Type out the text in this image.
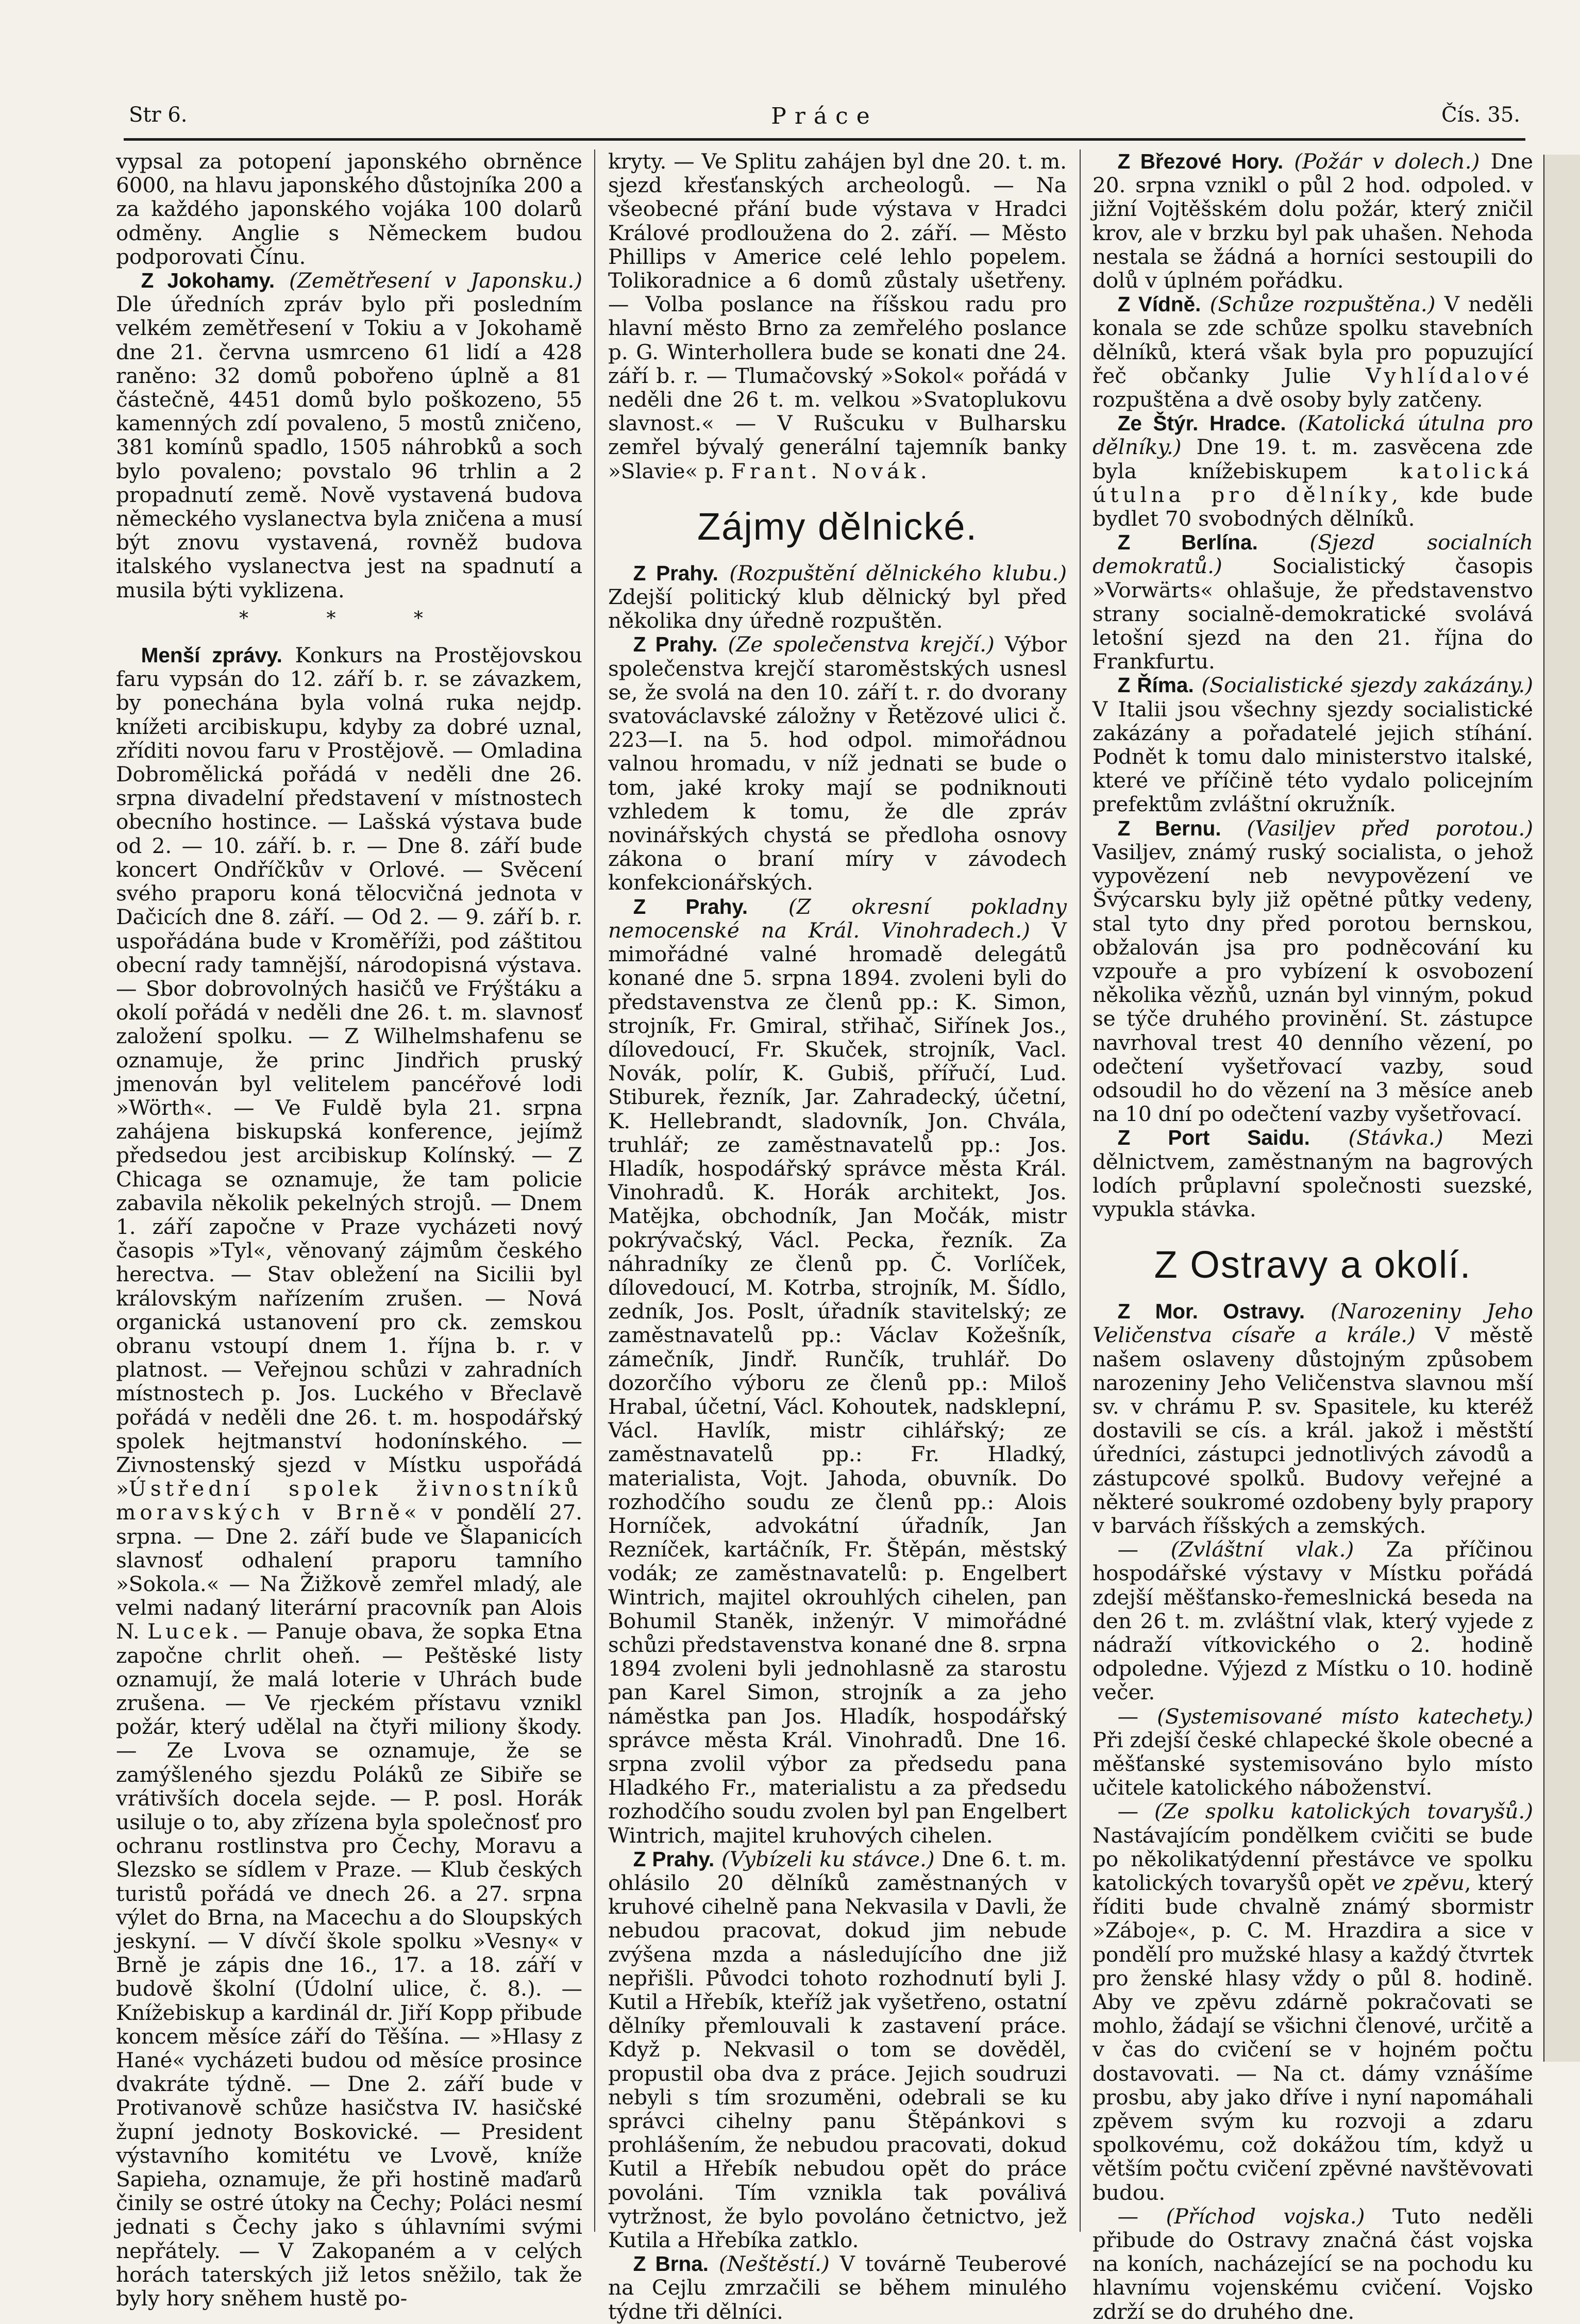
Str 6.	Práce	Čís. 35.

vypsal za potopení japonského obrněnce 6000, na hlavu japonského důstojníka 200 a za každého japonského vojáka 100 dolarů odměny. Anglie s Německem budou podporovati Čínu.

Z Jokohamy. (Zemětřesení v Japonsku.) Dle úředních zpráv bylo při posledním velkém zemětřesení v Tokiu a v Jokohamě dne 21. června usmrceno 61 lidí a 428 raněno: 32 domů pobořeno úplně a 81 částečně, 4451 domů bylo poškozeno, 55 kamenných zdí povaleno, 5 mostů zničeno, 381 komínů spadlo, 1505 náhrobků a soch bylo povaleno; povstalo 96 trhlin a 2 propadnutí země. Nově vystavená budova německého vyslanectva byla zničena a musí být znovu vystavená, rovněž budova italského vyslanectva jest na spadnutí a musila býti vyklizena.

* * *

Menší zprávy. Konkurs na Prostějovskou faru vypsán do 12. září b. r. se závazkem, by ponechána byla volná ruka nejdp. knížeti arcibiskupu, kdyby za dobré uznal, zříditi novou faru v Prostějově. — Omladina Dobromělická pořádá v neděli dne 26. srpna divadelní představení v místnostech obecního hostince. — Lašská výstava bude od 2. — 10. září. b. r. — Dne 8. září bude koncert Ondříčkův v Orlové. — Svěcení svého praporu koná tělocvičná jednota v Dačicích dne 8. září. — Od 2. — 9. září b. r. uspořádána bude v Kroměříži, pod záštitou obecní rady tamnější, národopisná výstava. — Sbor dobrovolných hasičů ve Frýštáku a okolí pořádá v neděli dne 26. t. m. slavnosť založení spolku. — Z Wilhelmshafenu se oznamuje, že princ Jindřich pruský jmenován byl velitelem pancéřové lodi »Wörth«. — Ve Fuldě byla 21. srpna zahájena biskupská konference, jejímž předsedou jest arcibiskup Kolínský. — Z Chicaga se oznamuje, že tam policie zabavila několik pekelných strojů. — Dnem 1. září započne v Praze vycházeti nový časopis »Tyl«, věnovaný zájmům českého herectva. — Stav obležení na Sicilii byl královským nařízením zrušen. — Nová organická ustanovení pro ck. zemskou obranu vstoupí dnem 1. října b. r. v platnost. — Veřejnou schůzi v zahradních místnostech p. Jos. Luckého v Břeclavě pořádá v neděli dne 26. t. m. hospodářský spolek hejtmanství hodonínského. — Zivnostenský sjezd v Místku uspořádá »Ústřední spolek živnostníků moravských v Brně« v pondělí 27. srpna. — Dne 2. září bude ve Šlapanicích slavnosť odhalení praporu tamního »Sokola.« — Na Žižkově zemřel mladý, ale velmi nadaný literární pracovník pan Alois N. Lucek. — Panuje obava, že sopka Etna započne chrlit oheň. — Peštěské listy oznamují, že malá loterie v Uhrách bude zrušena. — Ve rjeckém přístavu vznikl požár, který udělal na čtyři miliony škody. — Ze Lvova se oznamuje, že se zamýšleného sjezdu Poláků ze Sibiře se vrátivších docela sejde. — P. posl. Horák usiluje o to, aby zřízena byla společnosť pro ochranu rostlinstva pro Čechy, Moravu a Slezsko se sídlem v Praze. — Klub českých turistů pořádá ve dnech 26. a 27. srpna výlet do Brna, na Macechu a do Sloupských jeskyní. — V dívčí škole spolku »Vesny« v Brně je zápis dne 16., 17. a 18. září v budově školní (Údolní ulice, č. 8.). — Knížebiskup a kardinál dr. Jiří Kopp přibude koncem měsíce září do Těšína. — »Hlasy z Hané« vycházeti budou od měsíce prosince dvakráte týdně. — Dne 2. září bude v Protivanově schůze hasičstva IV. hasičské župní jednoty Boskovické. — President výstavního komitétu ve Lvově, kníže Sapieha, oznamuje, že při hostině maďarů činily se ostré útoky na Čechy; Poláci nesmí jednati s Čechy jako s úhlavními svými nepřátely. — V Zakopaném a v celých horách taterských již letos sněžilo, tak že byly hory sněhem hustě po-

kryty. — Ve Splitu zahájen byl dne 20. t. m. sjezd křesťanských archeologů. — Na všeobecné přání bude výstava v Hradci Králové prodloužena do 2. září. — Město Phillips v Americe celé lehlo popelem. Tolikoradnice a 6 domů zůstaly ušetřeny. — Volba poslance na říšskou radu pro hlavní město Brno za zemřelého poslance p. G. Winterhollera bude se konati dne 24. září b. r. — Tlumačovský »Sokol« pořádá v neděli dne 26 t. m. velkou »Svatoplukovu slavnost.« — V Rušcuku v Bulharsku zemřel bývalý generální tajemník banky »Slavie« p. Frant. Novák.

Zájmy dělnické.

Z Prahy. (Rozpuštění dělnického klubu.) Zdejší politický klub dělnický byl před několika dny úředně rozpuštěn.

Z Prahy. (Ze společenstva krejčí.) Výbor společenstva krejčí staroměstských usnesl se, že svolá na den 10. září t. r. do dvorany svatováclavské záložny v Řetězové ulici č. 223—I. na 5. hod odpol. mimořádnou valnou hromadu, v níž jednati se bude o tom, jaké kroky mají se podniknouti vzhledem k tomu, že dle zpráv novinářských chystá se předloha osnovy zákona o braní míry v závodech konfekcionářských.

Z Prahy. (Z okresní pokladny nemocenské na Král. Vinohradech.) V mimořádné valné hromadě delegátů konané dne 5. srpna 1894. zvoleni byli do představenstva ze členů pp.: K. Simon, strojník, Fr. Gmiral, střihač, Siřínek Jos., dílovedoucí, Fr. Skuček, strojník, Vacl. Novák, polír, K. Gubiš, přířučí, Lud. Stiburek, řezník, Jar. Zahradecký, účetní, K. Hellebrandt, sladovník, Jon. Chvála, truhlář; ze zaměstnavatelů pp.: Jos. Hladík, hospodářský správce města Král. Vinohradů. K. Horák architekt, Jos. Matějka, obchodník, Jan Močák, mistr pokrývačský, Václ. Pecka, řezník. Za náhradníky ze členů pp. Č. Vorlíček, dílovedoucí, M. Kotrba, strojník, M. Šídlo, zedník, Jos. Poslt, úřadník stavitelský; ze zaměstnavatelů pp.: Václav Kožešník, zámečník, Jindř. Runčík, truhlář. Do dozorčího výboru ze členů pp.: Miloš Hrabal, účetní, Václ. Kohoutek, nadsklepní, Václ. Havlík, mistr cihlářský; ze zaměstnavatelů pp.: Fr. Hladký, materialista, Vojt. Jahoda, obuvník. Do rozhodčího soudu ze členů pp.: Alois Horníček, advokátní úřadník, Jan Rezníček, kartáčník, Fr. Štěpán, městský vodák; ze zaměstnavatelů: p. Engelbert Wintrich, majitel okrouhlých cihelen, pan Bohumil Staněk, inženýr. V mimořádné schůzi představenstva konané dne 8. srpna 1894 zvoleni byli jednohlasně za starostu pan Karel Simon, strojník a za jeho náměstka pan Jos. Hladík, hospodářský správce města Král. Vinohradů. Dne 16. srpna zvolil výbor za předsedu pana Hladkého Fr., materialistu a za předsedu rozhodčího soudu zvolen byl pan Engelbert Wintrich, majitel kruhových cihelen.

Z Prahy. (Vybízeli ku stávce.) Dne 6. t. m. ohlásilo 20 dělníků zaměstnaných v kruhové cihelně pana Nekvasila v Davli, že nebudou pracovat, dokud jim nebude zvýšena mzda a následujícího dne již nepřišli. Původci tohoto rozhodnutí byli J. Kutil a Hřebík, kteříž jak vyšetřeno, ostatní dělníky přemlouvali k zastavení práce. Když p. Nekvasil o tom se dověděl, propustil oba dva z práce. Jejich soudruzi nebyli s tím srozuměni, odebrali se ku správci cihelny panu Štěpánkovi s prohlášením, že nebudou pracovati, dokud Kutil a Hřebík nebudou opět do práce povoláni. Tím vznikla tak poválivá vytržnost, že bylo povoláno četnictvo, jež Kutila a Hřebíka zatklo.

Z Brna. (Neštěstí.) V továrně Teuberové na Cejlu zmrzačili se během minulého týdne tři dělníci.

Z Březové Hory. (Požár v dolech.) Dne 20. srpna vznikl o půl 2 hod. odpoled. v jižní Vojtěšském dolu požár, který zničil krov, ale v brzku byl pak uhašen. Nehoda nestala se žádná a horníci sestoupili do dolů v úplném pořádku.

Z Vídně. (Schůze rozpuštěna.) V neděli konala se zde schůze spolku stavebních dělníků, která však byla pro popuzující řeč občanky Julie Vyhlídalové rozpuštěna a dvě osoby byly zatčeny.

Ze Štýr. Hradce. (Katolická útulna pro dělníky.) Dne 19. t. m. zasvěcena zde byla knížebiskupem katolická útulna pro dělníky, kde bude bydlet 70 svobodných dělníků.

Z Berlína. (Sjezd socialních demokratů.) Socialistický časopis »Vorwärts« ohlašuje, že představenstvo strany socialně-demokratické svolává letošní sjezd na den 21. října do Frankfurtu.

Z Říma. (Socialistické sjezdy zakázány.) V Italii jsou všechny sjezdy socialistické zakázány a pořadatelé jejich stíhání. Podnět k tomu dalo ministerstvo italské, které ve příčině této vydalo policejním prefektům zvláštní okružník.

Z Bernu. (Vasiljev před porotou.) Vasiljev, známý ruský socialista, o jehož vypovězení neb nevypovězení ve Švýcarsku byly již opětné půtky vedeny, stal tyto dny před porotou bernskou, obžalován jsa pro podněcování ku vzpouře a pro vybízení k osvobození několika vězňů, uznán byl vinným, pokud se týče druhého provinění. St. zástupce navrhoval trest 40 denního vězení, po odečtení vyšetřovací vazby, soud odsoudil ho do vězení na 3 měsíce aneb na 10 dní po odečtení vazby vyšetřovací.

Z Port Saidu. (Stávka.) Mezi dělnictvem, zaměstnaným na bagrových lodích průplavní společnosti suezské, vypukla stávka.

Z Ostravy a okolí.

Z Mor. Ostravy. (Narozeniny Jeho Veličenstva císaře a krále.) V městě našem oslaveny důstojným způsobem narozeniny Jeho Veličenstva slavnou mší sv. v chrámu P. sv. Spasitele, ku kteréž dostavili se cís. a král. jakož i městští úředníci, zástupci jednotlivých závodů a zástupcové spolků. Budovy veřejné a některé soukromé ozdobeny byly prapory v barvách říšských a zemských.

— (Zvláštní vlak.) Za příčinou hospodářské výstavy v Místku pořádá zdejší měšťansko-řemeslnická beseda na den 26 t. m. zvláštní vlak, který vyjede z nádraží vítkovického o 2. hodině odpoledne. Výjezd z Místku o 10. hodině večer.

— (Systemisované místo katechety.) Při zdejší české chlapecké škole obecné a měšťanské systemisováno bylo místo učitele katolického náboženství.

— (Ze spolku katolických tovaryšů.) Nastávajícím pondělkem cvičiti se bude po několikatýdenní přestávce ve spolku katolických tovaryšů opět ve zpěvu, který říditi bude chvalně známý sbormistr »Záboje«, p. C. M. Hrazdira a sice v pondělí pro mužské hlasy a každý čtvrtek pro ženské hlasy vždy o půl 8. hodině. Aby ve zpěvu zdárně pokračovati se mohlo, žádají se všichni členové, určitě a v čas do cvičení se v hojném počtu dostavovati. — Na ct. dámy vznášíme prosbu, aby jako dříve i nyní napomáhali zpěvem svým ku rozvoji a zdaru spolkovému, což dokážou tím, když u větším počtu cvičení zpěvné navštěvovati budou.

— (Příchod vojska.) Tuto neděli přibude do Ostravy značná část vojska na koních, nacházející se na pochodu ku hlavnímu vojenskému cvičení. Vojsko zdrží se do druhého dne.
